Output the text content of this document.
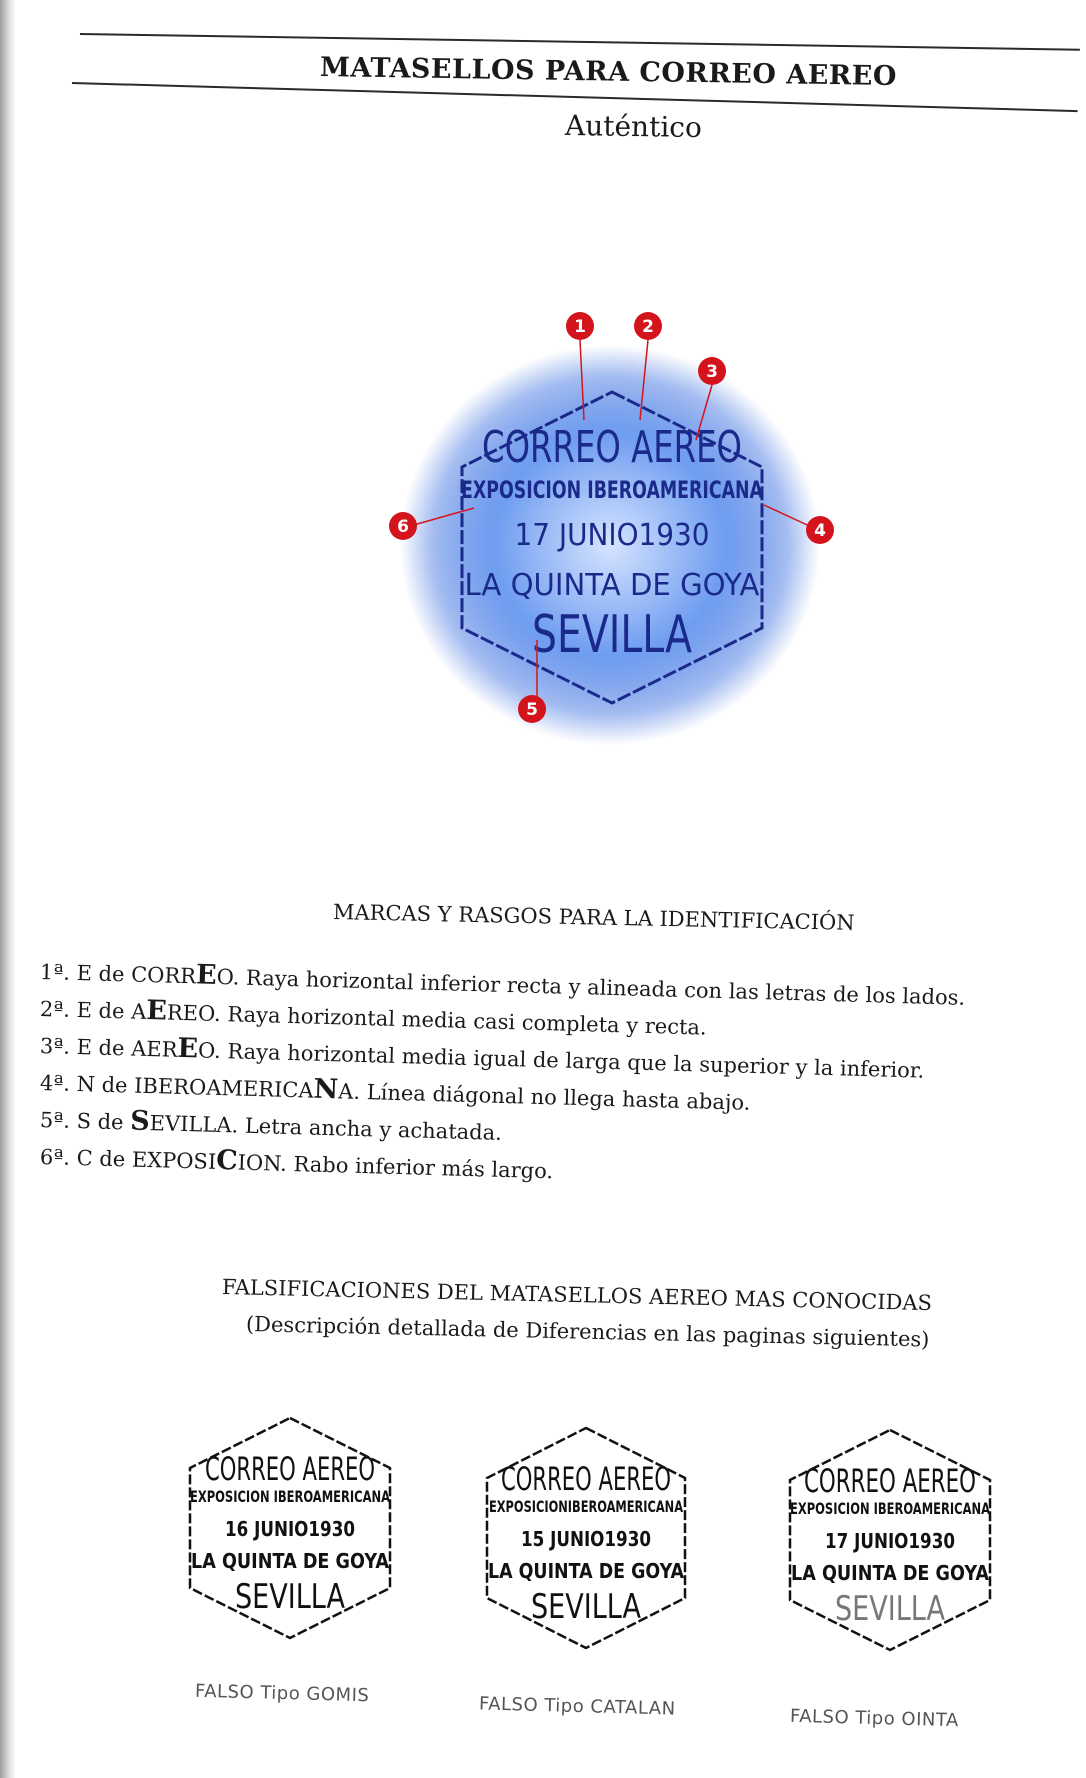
MATASELLOS PARA CORREO AEREO
Auténtico
CORREO AEREO
EXPOSICION IBEROAMERICANA
17 JUNIO1930
LA QUINTA DE GOYA
SEVILLA
1	2
3
4
5
6
CORREO AEREO
EXPOSICION IBEROAMERICANA
16 JUNIO1930
LA QUINTA DE GOYA
SEVILLA
CORREO AEREO
EXPOSICIONIBEROAMERICANA
15 JUNIO1930
LA QUINTA DE GOYA
SEVILLA
CORREO AEREO
EXPOSICION IBEROAMERICANA
17 JUNIO1930
LA QUINTA DE GOYA
SEVILLA
MARCAS Y RASGOS PARA LA IDENTIFICACIÓN
1ª. E de CORREO. Raya horizontal inferior recta y alineada con las letras de los lados.
2ª. E de AEREO. Raya horizontal media casi completa y recta.
3ª. E de AEREO. Raya horizontal media igual de larga que la superior y la inferior.
4ª. N de IBEROAMERICANA. Línea diágonal no llega hasta abajo.
5ª. S de SEVILLA. Letra ancha y achatada.
6ª. C de EXPOSICION. Rabo inferior más largo.
FALSIFICACIONES DEL MATASELLOS AEREO MAS CONOCIDAS
(Descripción detallada de Diferencias en las paginas siguientes)
FALSO Tipo GOMIS	FALSO Tipo CATALAN	FALSO Tipo OINTA
